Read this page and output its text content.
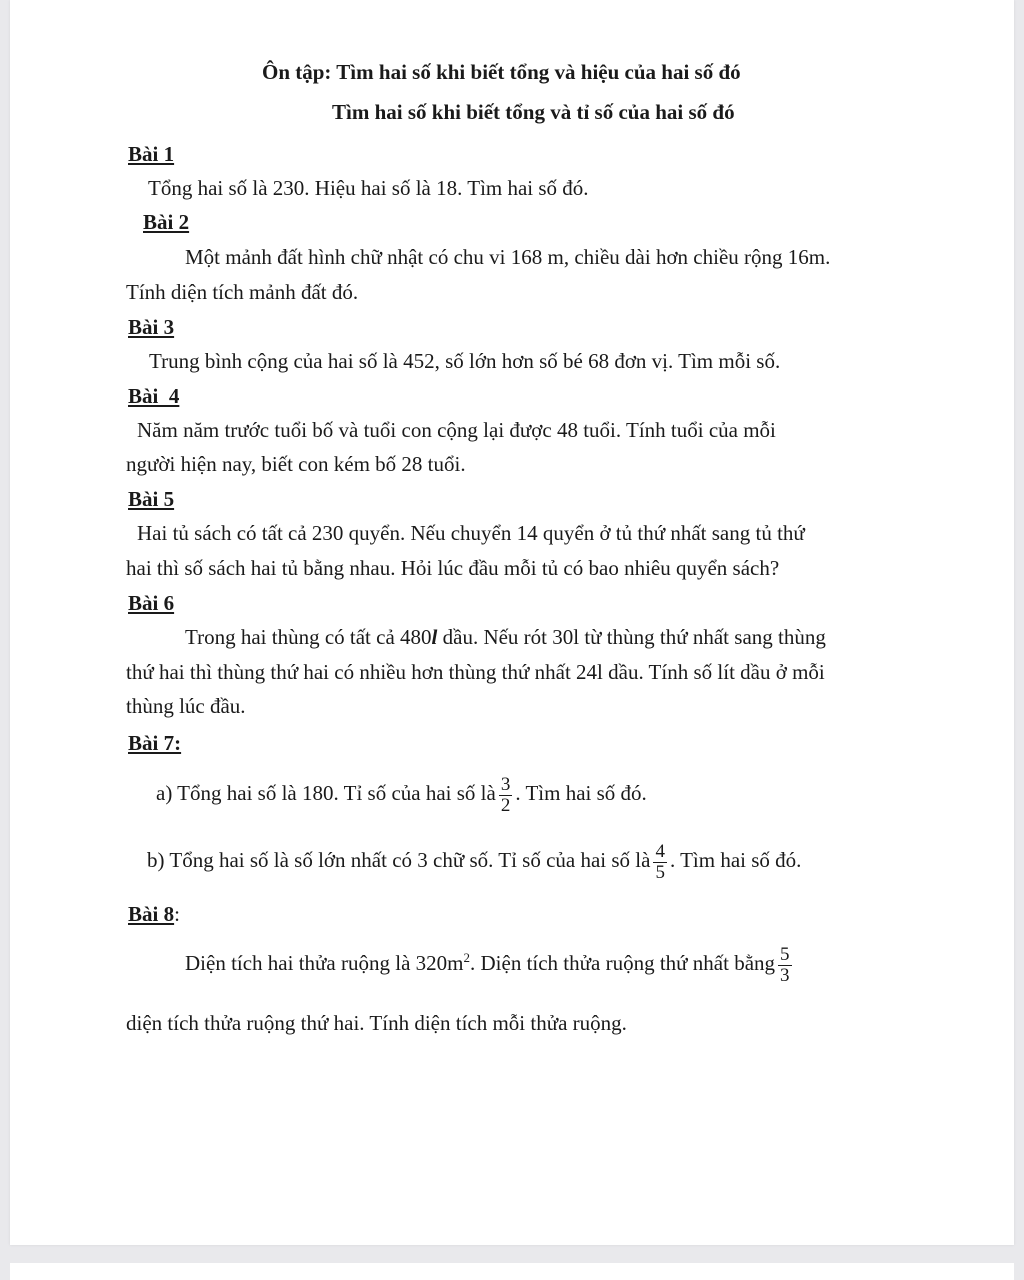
Ôn tập: Tìm hai số khi biết tổng và hiệu của hai số đó
Tìm hai số khi biết tổng và tỉ số của hai số đó
Bài 1
Tổng hai số là 230. Hiệu hai số là 18. Tìm hai số đó.
Bài 2
Một mảnh đất hình chữ nhật có chu vi 168 m, chiều dài hơn chiều rộng 16m.
Tính diện tích mảnh đất đó.
Bài 3
Trung bình cộng của hai số là 452, số lớn hơn số bé 68 đơn vị. Tìm mỗi số.
Bài  4
Năm năm trước tuổi bố và tuổi con cộng lại được 48 tuổi. Tính tuổi của mỗi
người hiện nay, biết con kém bố 28 tuổi.
Bài 5
Hai tủ sách có tất cả 230 quyển. Nếu chuyển 14 quyển ở tủ thứ nhất sang tủ thứ
hai thì số sách hai tủ bằng nhau. Hỏi lúc đầu mỗi tủ có bao nhiêu quyển sách?
Bài 6
Trong hai thùng có tất cả 480l dầu. Nếu rót 30l từ thùng thứ nhất sang thùng
thứ hai thì thùng thứ hai có nhiều hơn thùng thứ nhất 24l dầu. Tính số lít dầu ở mỗi
thùng lúc đầu.
Bài 7:
a) Tổng hai số là 180. Tỉ số của hai số là $\frac{3}{2}$ . Tìm hai số đó.
b) Tổng hai số là số lớn nhất có 3 chữ số. Tỉ số của hai số là $\frac{4}{5}$ . Tìm hai số đó.
Bài 8:
Diện tích hai thửa ruộng là $320m^2$. Diện tích thửa ruộng thứ nhất bằng $\frac{5}{3}$
diện tích thửa ruộng thứ hai. Tính diện tích mỗi thửa ruộng.
